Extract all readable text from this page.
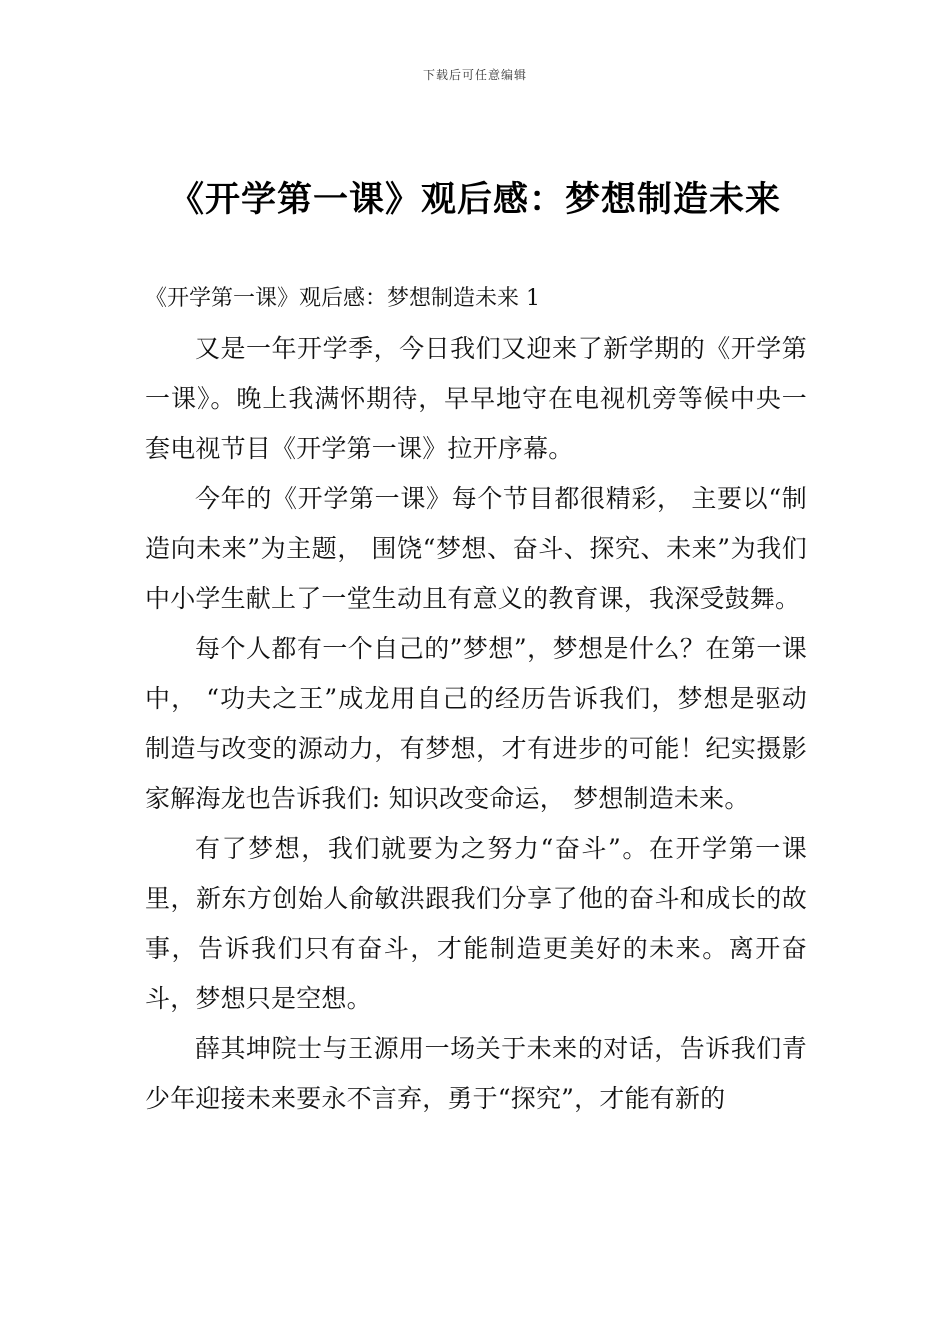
下载后可任意编辑
《开学第一课》观后感：梦想制造未来

《开学第一课》观后感：梦想制造未来 1

又是一年开学季，今日我们又迎来了新学期的《开学第一课》。晚上我满怀期待，早早地守在电视机旁等候中央一套电视节目《开学第一课》拉开序幕。

今年的《开学第一课》每个节目都很精彩， 主要以“制造向未来”为主题， 围饶“梦想、奋斗、探究、未来”为我们中小学生献上了一堂生动且有意义的教育课，我深受鼓舞。

每个人都有一个自己的”梦想”，梦想是什么？在第一课中， “功夫之王”成龙用自己的经历告诉我们，梦想是驱动制造与改变的源动力，有梦想，才有进步的可能！纪实摄影家解海龙也告诉我们: 知识改变命运， 梦想制造未来。

有了梦想，我们就要为之努力“奋斗”。在开学第一课里，新东方创始人俞敏洪跟我们分享了他的奋斗和成长的故事，告诉我们只有奋斗，才能制造更美好的未来。离开奋斗，梦想只是空想。

薛其坤院士与王源用一场关于未来的对话，告诉我们青少年迎接未来要永不言弃，勇于“探究”，才能有新的
